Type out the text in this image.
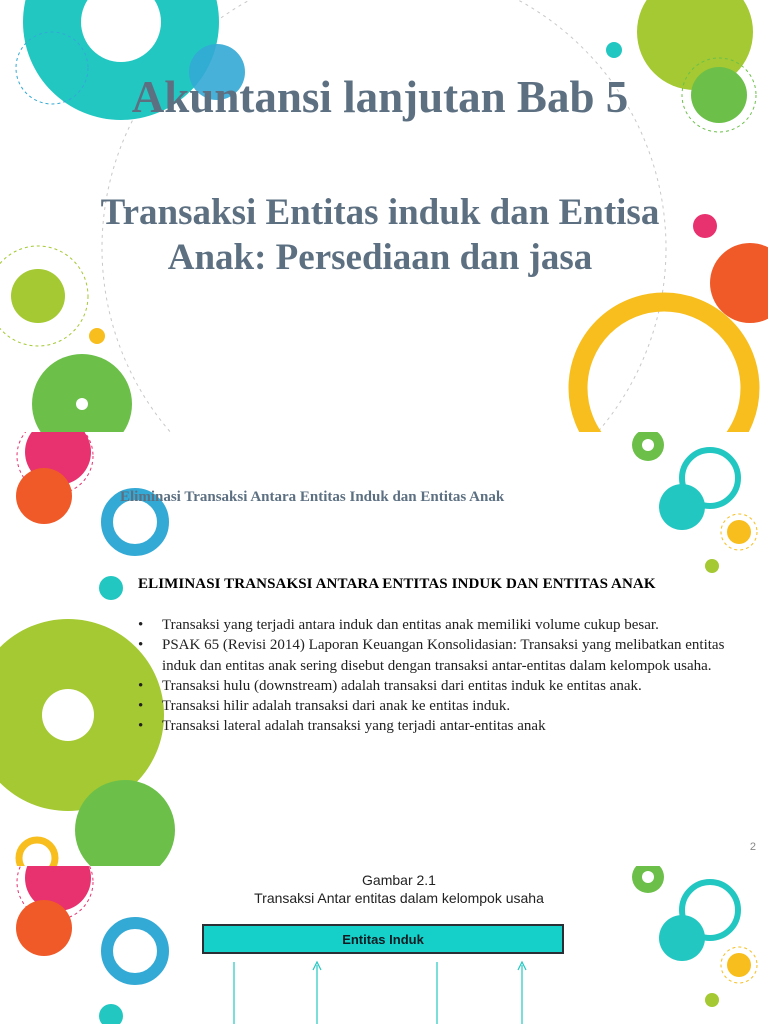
Akuntansi lanjutan Bab 5
Transaksi Entitas induk dan Entisa Anak: Persediaan dan jasa
Eliminasi Transaksi Antara Entitas Induk dan Entitas Anak
ELIMINASI TRANSAKSI ANTARA ENTITAS INDUK DAN ENTITAS ANAK
• Transaksi yang terjadi antara induk dan entitas anak memiliki volume cukup besar.
• PSAK 65 (Revisi 2014) Laporan Keuangan Konsolidasian: Transaksi yang melibatkan entitas induk dan entitas anak sering disebut dengan transaksi antar-entitas dalam kelompok usaha.
• Transaksi hulu (downstream) adalah transaksi dari entitas induk ke entitas anak.
• Transaksi hilir adalah transaksi dari anak ke entitas induk.
• Transaksi lateral adalah transaksi yang terjadi antar-entitas anak
2
Gambar 2.1
Transaksi Antar entitas dalam kelompok usaha
Entitas Induk
